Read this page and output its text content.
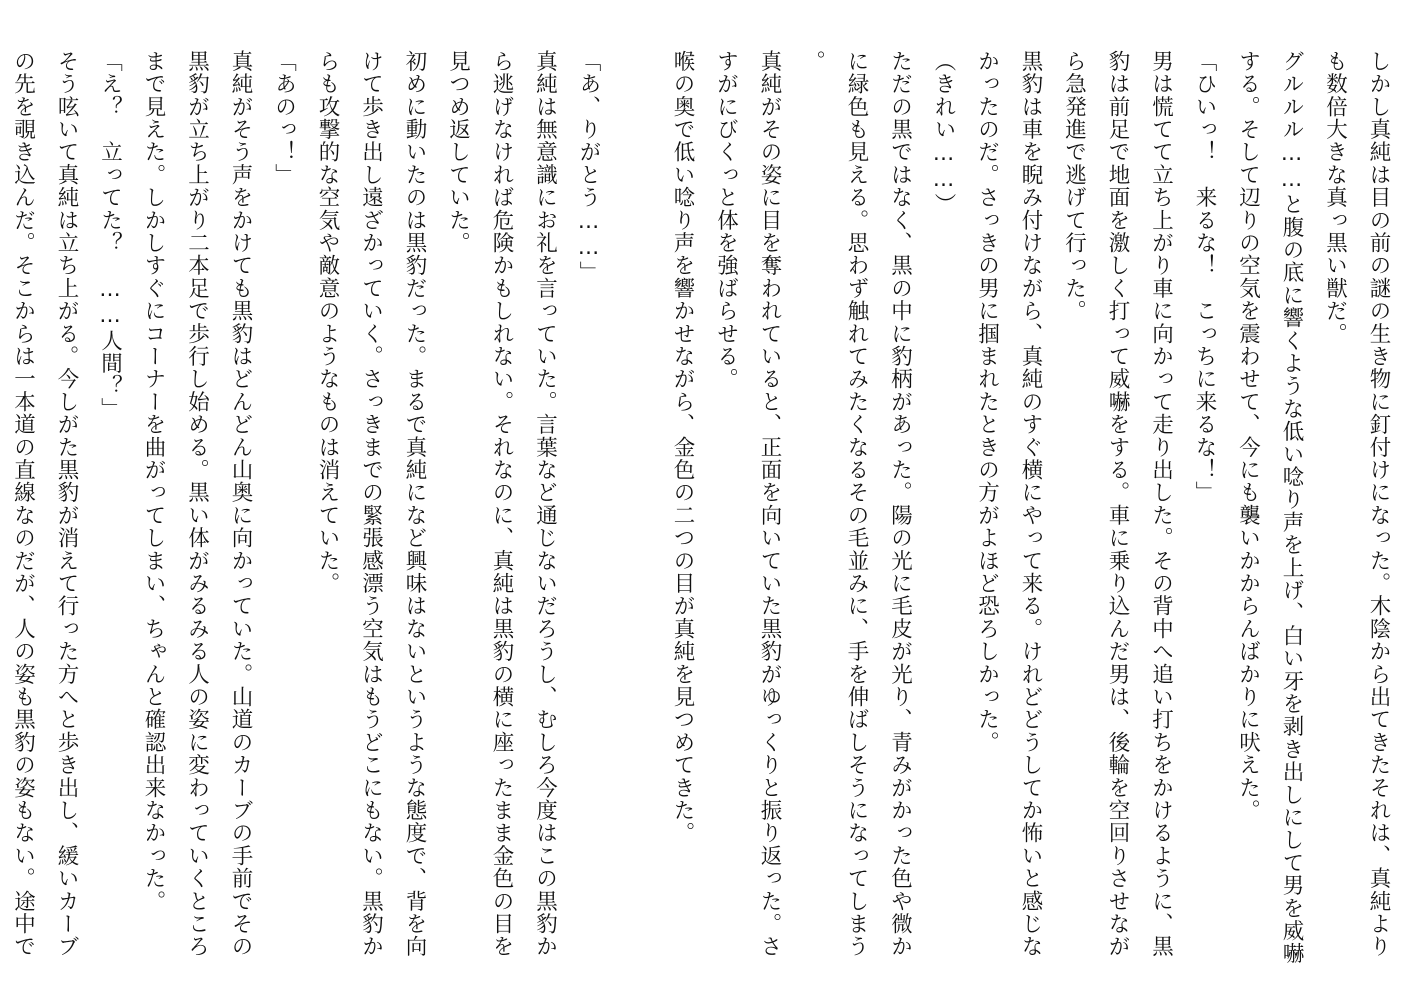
しかし真純は目の前の謎の生き物に釘付けになった。木陰から出てきたそれは、真純よりも数倍大きな真っ黒い獣だ。

グルルル……と腹の底に響くような低い唸り声を上げ、白い牙を剥き出しにして男を威嚇する。そして辺りの空気を震わせて、今にも襲いかからんばかりに吠えた。

「ひいっ！　来るな！　こっちに来るな！」

男は慌てて立ち上がり車に向かって走り出した。その背中へ追い打ちをかけるように、黒豹は前足で地面を激しく打って威嚇をする。車に乗り込んだ男は、後輪を空回りさせながら急発進で逃げて行った。

黒豹は車を睨み付けながら、真純のすぐ横にやって来る。けれどどうしてか怖いと感じなかったのだ。さっきの男に掴まれたときの方がよほど恐ろしかった。

（きれい……）

ただの黒ではなく、黒の中に豹柄があった。陽の光に毛皮が光り、青みがかった色や微かに緑色も見える。思わず触れてみたくなるその毛並みに、手を伸ばしそうになってしまう。

真純がその姿に目を奪われていると、正面を向いていた黒豹がゆっくりと振り返った。さすがにびくっと体を強ばらせる。

喉の奥で低い唸り声を響かせながら、金色の二つの目が真純を見つめてきた。

「あ、りがとう……」

真純は無意識にお礼を言っていた。言葉など通じないだろうし、むしろ今度はこの黒豹から逃げなければ危険かもしれない。それなのに、真純は黒豹の横に座ったまま金色の目を見つめ返していた。

初めに動いたのは黒豹だった。まるで真純になど興味はないというような態度で、背を向けて歩き出し遠ざかっていく。さっきまでの緊張感漂う空気はもうどこにもない。黒豹からも攻撃的な空気や敵意のようなものは消えていた。

「あのっ！」

真純がそう声をかけても黒豹はどんどん山奥に向かっていた。山道のカーブの手前でその黒豹が立ち上がり二本足で歩行し始める。黒い体がみるみる人の姿に変わっていくところまで見えた。しかしすぐにコーナーを曲がってしまい、ちゃんと確認出来なかった。

「え？　立ってた？　……人間？」

そう呟いて真純は立ち上がる。今しがた黒豹が消えて行った方へと歩き出し、緩いカーブの先を覗き込んだ。そこからは一本道の直線なのだが、人の姿も黒豹の姿もない。途中で
